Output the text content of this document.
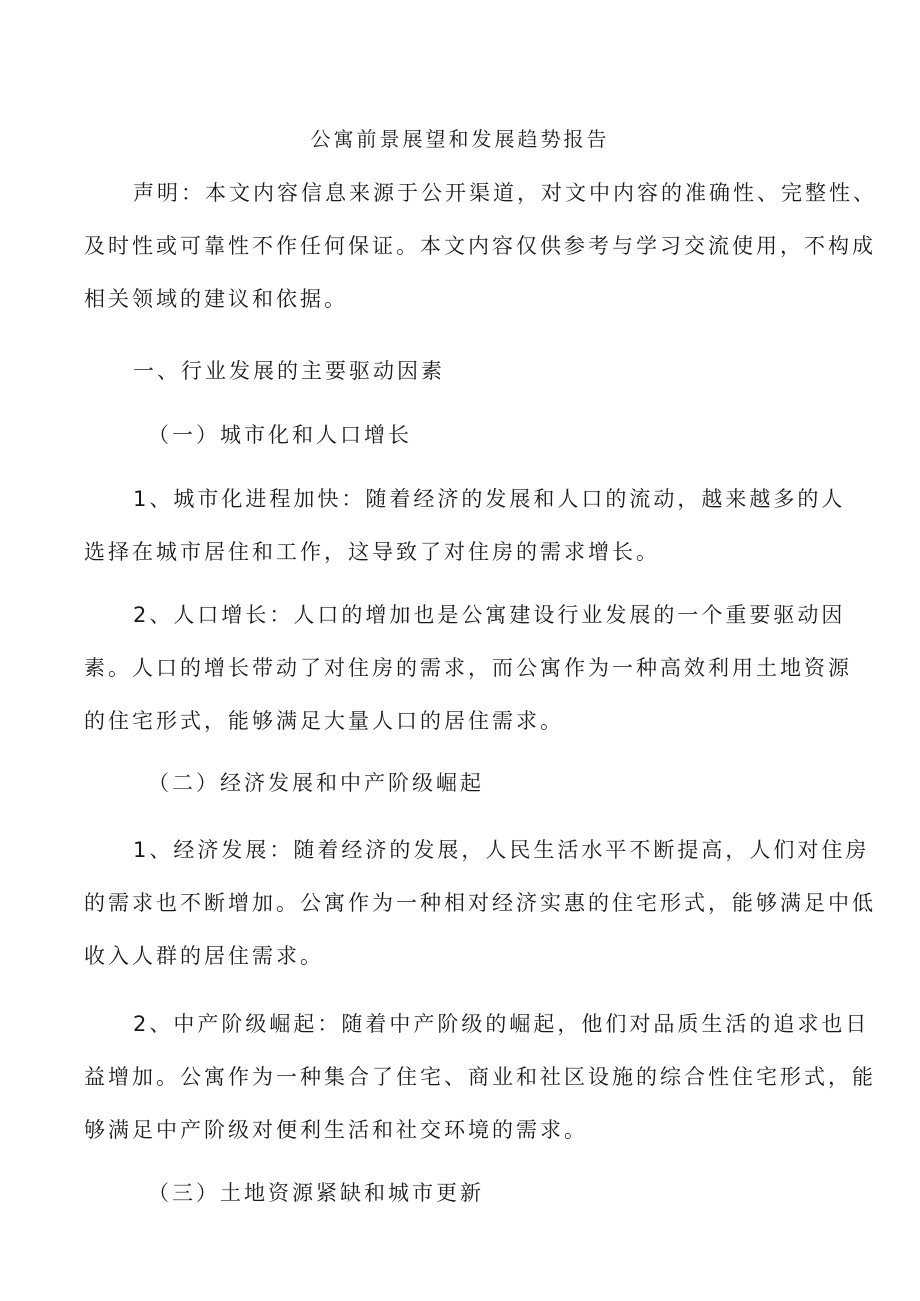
公寓前景展望和发展趋势报告
声明：本文内容信息来源于公开渠道，对文中内容的准确性、完整性、
及时性或可靠性不作任何保证。本文内容仅供参考与学习交流使用，不构成
相关领域的建议和依据。
一、行业发展的主要驱动因素
（一）城市化和人口增长
1、城市化进程加快：随着经济的发展和人口的流动，越来越多的人
选择在城市居住和工作，这导致了对住房的需求增长。
2、人口增长：人口的增加也是公寓建设行业发展的一个重要驱动因
素。人口的增长带动了对住房的需求，而公寓作为一种高效利用土地资源
的住宅形式，能够满足大量人口的居住需求。
（二）经济发展和中产阶级崛起
1、经济发展：随着经济的发展，人民生活水平不断提高，人们对住房
的需求也不断增加。公寓作为一种相对经济实惠的住宅形式，能够满足中低
收入人群的居住需求。
2、中产阶级崛起：随着中产阶级的崛起，他们对品质生活的追求也日
益增加。公寓作为一种集合了住宅、商业和社区设施的综合性住宅形式，能
够满足中产阶级对便利生活和社交环境的需求。
（三）土地资源紧缺和城市更新
